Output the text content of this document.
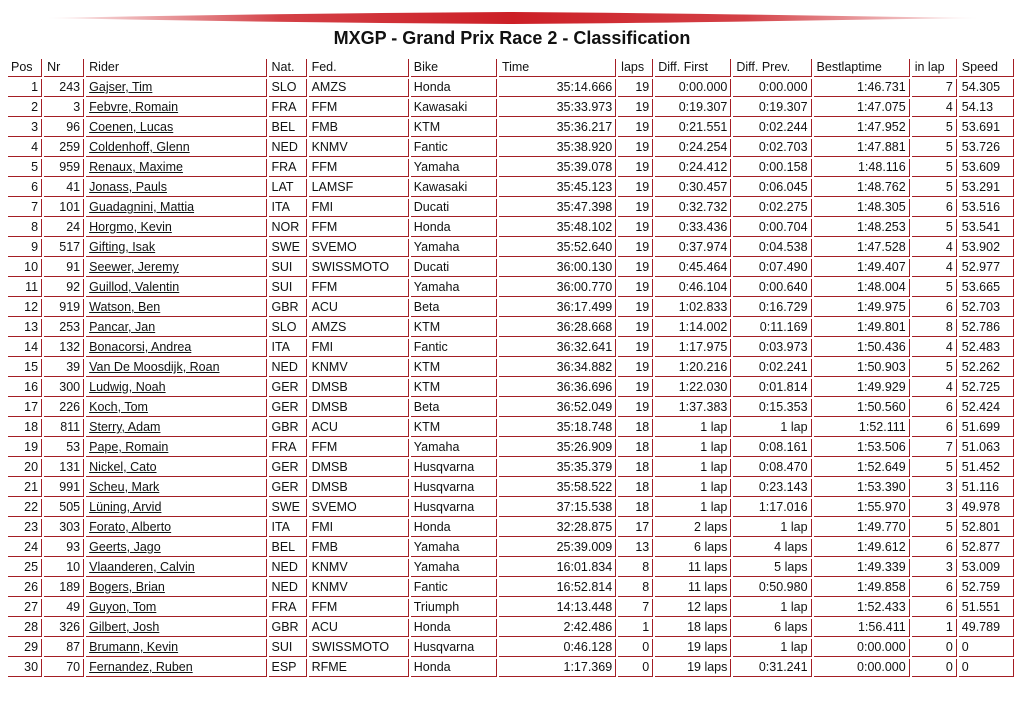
MXGP - Grand Prix Race 2 - Classification
Pos	Nr	Rider	Nat.	Fed.	Bike	Time	laps	Diff. First	Diff. Prev.	Bestlaptime	in lap	Speed
1	243	Gajser, Tim	SLO	AMZS	Honda	35:14.666	19	0:00.000	0:00.000	1:46.731	7	54.305
2	3	Febvre, Romain	FRA	FFM	Kawasaki	35:33.973	19	0:19.307	0:19.307	1:47.075	4	54.13
3	96	Coenen, Lucas	BEL	FMB	KTM	35:36.217	19	0:21.551	0:02.244	1:47.952	5	53.691
4	259	Coldenhoff, Glenn	NED	KNMV	Fantic	35:38.920	19	0:24.254	0:02.703	1:47.881	5	53.726
5	959	Renaux, Maxime	FRA	FFM	Yamaha	35:39.078	19	0:24.412	0:00.158	1:48.116	5	53.609
6	41	Jonass, Pauls	LAT	LAMSF	Kawasaki	35:45.123	19	0:30.457	0:06.045	1:48.762	5	53.291
7	101	Guadagnini, Mattia	ITA	FMI	Ducati	35:47.398	19	0:32.732	0:02.275	1:48.305	6	53.516
8	24	Horgmo, Kevin	NOR	FFM	Honda	35:48.102	19	0:33.436	0:00.704	1:48.253	5	53.541
9	517	Gifting, Isak	SWE	SVEMO	Yamaha	35:52.640	19	0:37.974	0:04.538	1:47.528	4	53.902
10	91	Seewer, Jeremy	SUI	SWISSMOTO	Ducati	36:00.130	19	0:45.464	0:07.490	1:49.407	4	52.977
11	92	Guillod, Valentin	SUI	FFM	Yamaha	36:00.770	19	0:46.104	0:00.640	1:48.004	5	53.665
12	919	Watson, Ben	GBR	ACU	Beta	36:17.499	19	1:02.833	0:16.729	1:49.975	6	52.703
13	253	Pancar, Jan	SLO	AMZS	KTM	36:28.668	19	1:14.002	0:11.169	1:49.801	8	52.786
14	132	Bonacorsi, Andrea	ITA	FMI	Fantic	36:32.641	19	1:17.975	0:03.973	1:50.436	4	52.483
15	39	Van De Moosdijk, Roan	NED	KNMV	KTM	36:34.882	19	1:20.216	0:02.241	1:50.903	5	52.262
16	300	Ludwig, Noah	GER	DMSB	KTM	36:36.696	19	1:22.030	0:01.814	1:49.929	4	52.725
17	226	Koch, Tom	GER	DMSB	Beta	36:52.049	19	1:37.383	0:15.353	1:50.560	6	52.424
18	811	Sterry, Adam	GBR	ACU	KTM	35:18.748	18	1 lap	1 lap	1:52.111	6	51.699
19	53	Pape, Romain	FRA	FFM	Yamaha	35:26.909	18	1 lap	0:08.161	1:53.506	7	51.063
20	131	Nickel, Cato	GER	DMSB	Husqvarna	35:35.379	18	1 lap	0:08.470	1:52.649	5	51.452
21	991	Scheu, Mark	GER	DMSB	Husqvarna	35:58.522	18	1 lap	0:23.143	1:53.390	3	51.116
22	505	Lüning, Arvid	SWE	SVEMO	Husqvarna	37:15.538	18	1 lap	1:17.016	1:55.970	3	49.978
23	303	Forato, Alberto	ITA	FMI	Honda	32:28.875	17	2 laps	1 lap	1:49.770	5	52.801
24	93	Geerts, Jago	BEL	FMB	Yamaha	25:39.009	13	6 laps	4 laps	1:49.612	6	52.877
25	10	Vlaanderen, Calvin	NED	KNMV	Yamaha	16:01.834	8	11 laps	5 laps	1:49.339	3	53.009
26	189	Bogers, Brian	NED	KNMV	Fantic	16:52.814	8	11 laps	0:50.980	1:49.858	6	52.759
27	49	Guyon, Tom	FRA	FFM	Triumph	14:13.448	7	12 laps	1 lap	1:52.433	6	51.551
28	326	Gilbert, Josh	GBR	ACU	Honda	2:42.486	1	18 laps	6 laps	1:56.411	1	49.789
29	87	Brumann, Kevin	SUI	SWISSMOTO	Husqvarna	0:46.128	0	19 laps	1 lap	0:00.000	0	0
30	70	Fernandez, Ruben	ESP	RFME	Honda	1:17.369	0	19 laps	0:31.241	0:00.000	0	0
